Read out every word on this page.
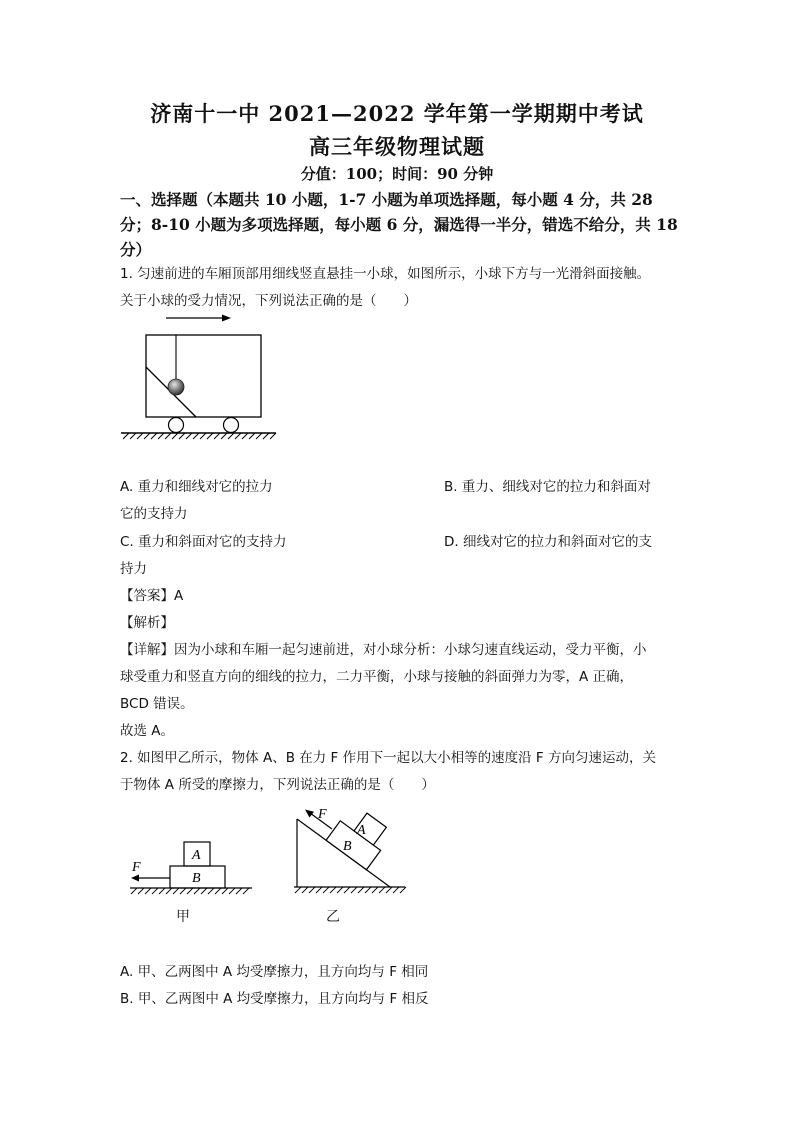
济南十一中 2021—2022 学年第一学期期中考试
高三年级物理试题
分值：100；时间：90 分钟
一、选择题（本题共 10 小题，1-7 小题为单项选择题，每小题 4 分，共 28
分；8-10 小题为多项选择题，每小题 6 分，漏选得一半分，错选不给分，共 18
分）
1. 匀速前进的车厢顶部用细线竖直悬挂一小球，如图所示，小球下方与一光滑斜面接触。
关于小球的受力情况，下列说法正确的是（　　）
A. 重力和细线对它的拉力	B. 重力、细线对它的拉力和斜面对
它的支持力
C. 重力和斜面对它的支持力	D. 细线对它的拉力和斜面对它的支
持力
【答案】A
【解析】
【详解】因为小球和车厢一起匀速前进，对小球分析：小球匀速直线运动，受力平衡，小
球受重力和竖直方向的细线的拉力，二力平衡，小球与接触的斜面弹力为零，A 正确，
BCD 错误。
故选 A。
2. 如图甲乙所示，物体 A、B 在力 F 作用下一起以大小相等的速度沿 F 方向匀速运动，关
于物体 A 所受的摩擦力，下列说法正确的是（　　）
A
B
F
甲
B
A
F
乙
A. 甲、乙两图中 A 均受摩擦力，且方向均与 F 相同
B. 甲、乙两图中 A 均受摩擦力，且方向均与 F 相反
